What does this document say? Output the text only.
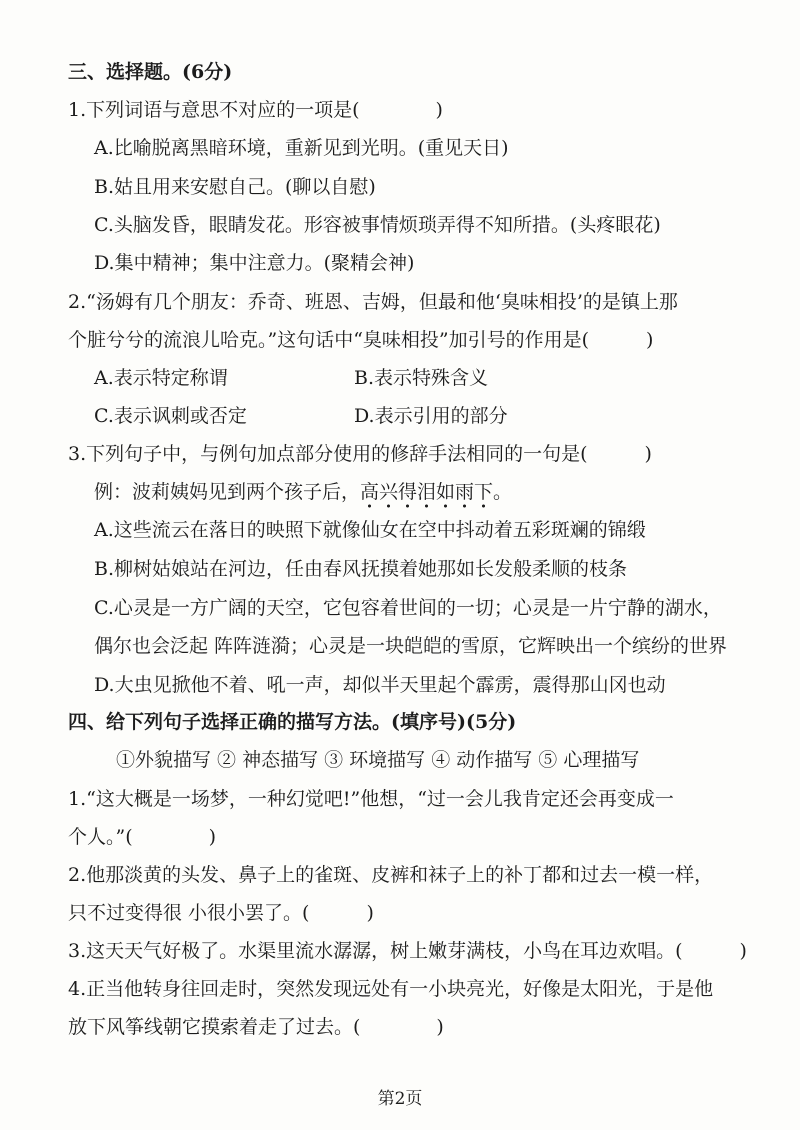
三、选择题。(6分)
1.下列词语与意思不对应的一项是(　　　　)
A.比喻脱离黑暗环境，重新见到光明。(重见天日)
B.姑且用来安慰自己。(聊以自慰)
C.头脑发昏，眼睛发花。形容被事情烦琐弄得不知所措。(头疼眼花)
D.集中精神；集中注意力。(聚精会神)
2.“汤姆有几个朋友：乔奇、班恩、吉姆，但最和他‘臭味相投’的是镇上那
个脏兮兮的流浪儿哈克。”这句话中“臭味相投”加引号的作用是(　　　)
A.表示特定称谓	B.表示特殊含义
C.表示讽刺或否定	D.表示引用的部分
3.下列句子中，与例句加点部分使用的修辞手法相同的一句是(　　　)
例：波莉姨妈见到两个孩子后，高兴得泪如雨下
。
A.这些流云在落日的映照下就像仙女在空中抖动着五彩斑斓的锦缎
B.柳树姑娘站在河边，任由春风抚摸着她那如长发般柔顺的枝条
C.心灵是一方广阔的天空，它包容着世间的一切；心灵是一片宁静的湖水，
偶尔也会泛起 阵阵涟漪；心灵是一块皑皑的雪原，它辉映出一个缤纷的世界
D.大虫见掀他不着、吼一声，却似半天里起个霹雳，震得那山冈也动
四、给下列句子选择正确的描写方法。(填序号)(5分)
①外貌描写 ② 神态描写 ③ 环境描写 ④ 动作描写 ⑤ 心理描写
1.“这大概是一场梦，一种幻觉吧!”他想，“过一会儿我肯定还会再变成一
个人。”(　　　　)
2.他那淡黄的头发、鼻子上的雀斑、皮裤和袜子上的补丁都和过去一模一样，
只不过变得很 小很小罢了。(　　　)
3.这天天气好极了。水渠里流水潺潺，树上嫩芽满枝，小鸟在耳边欢唱。(　　　)
4.正当他转身往回走时，突然发现远处有一小块亮光，好像是太阳光，于是他
放下风筝线朝它摸索着走了过去。(　　　　)
第2页
